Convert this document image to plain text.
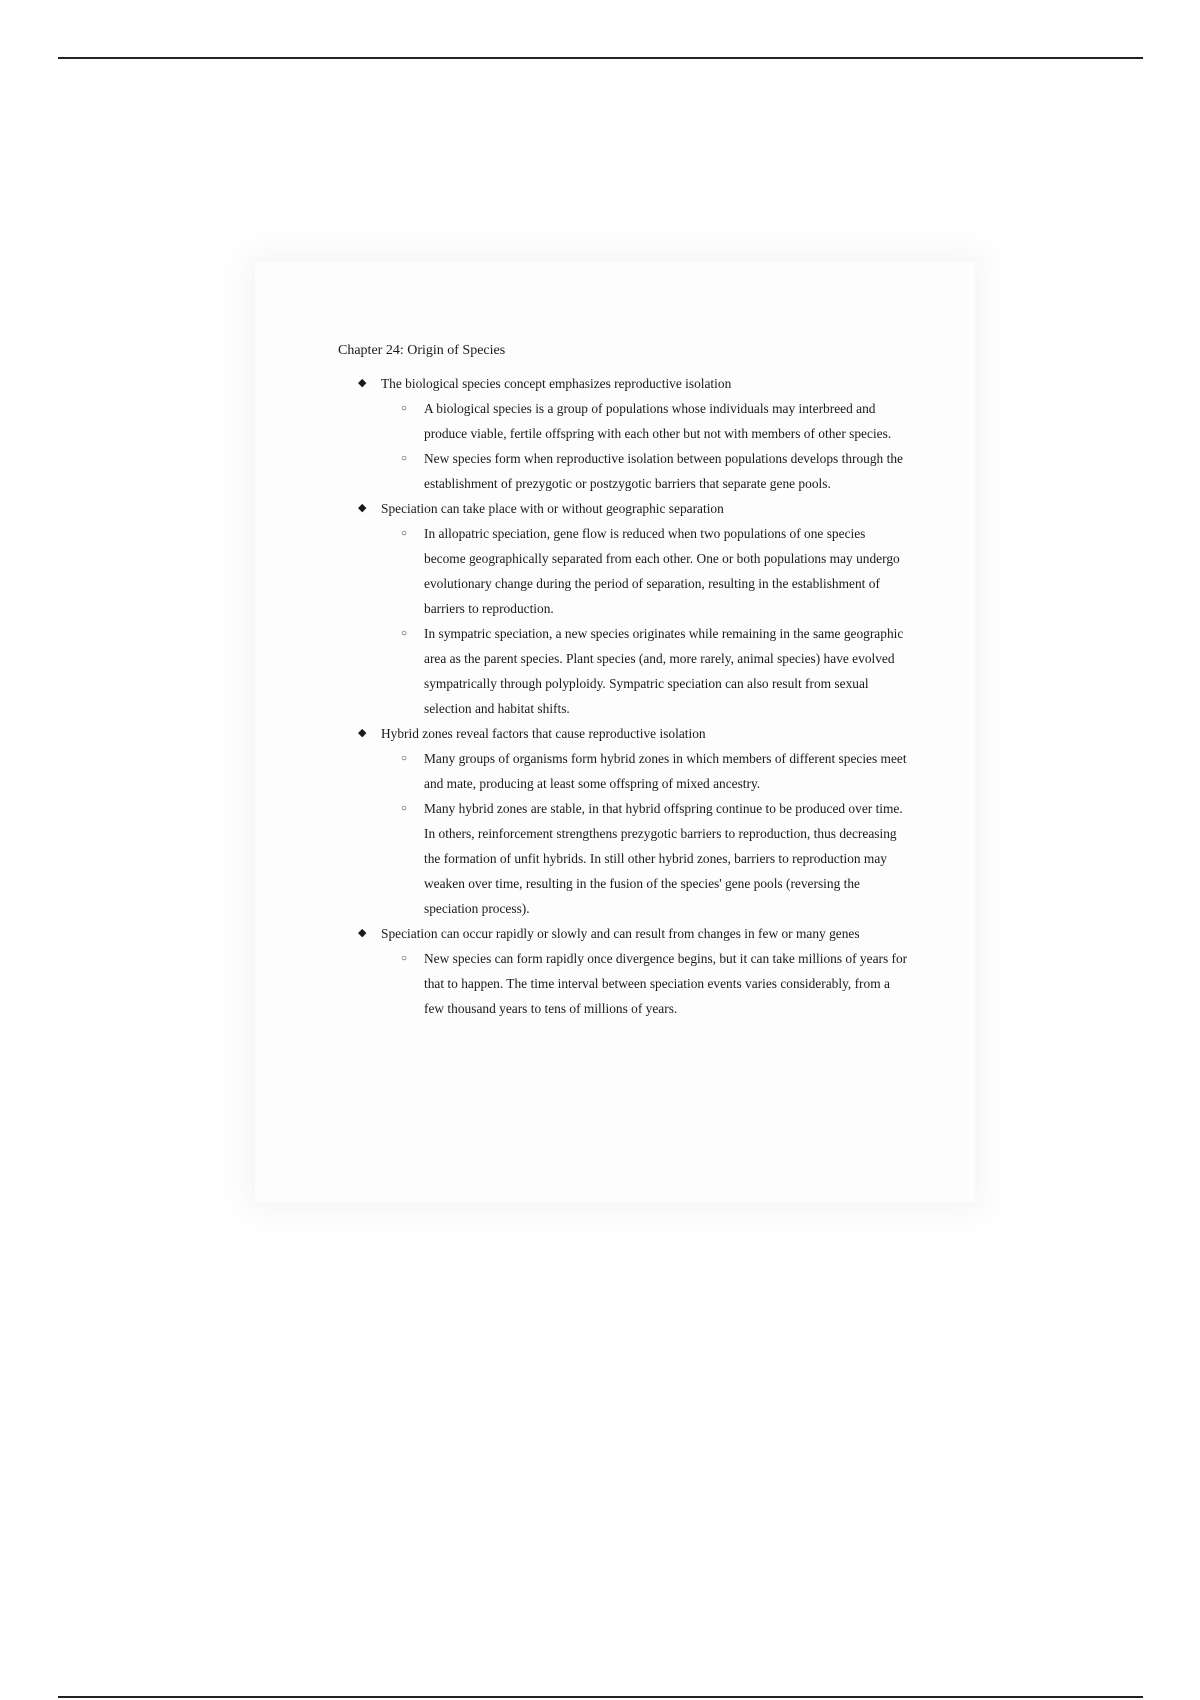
Chapter 24: Origin of Species
◆ The biological species concept emphasizes reproductive isolation
○ A biological species is a group of populations whose individuals may interbreed and produce viable, fertile offspring with each other but not with members of other species.
○ New species form when reproductive isolation between populations develops through the establishment of prezygotic or postzygotic barriers that separate gene pools.
◆ Speciation can take place with or without geographic separation
○ In allopatric speciation, gene flow is reduced when two populations of one species become geographically separated from each other. One or both populations may undergo evolutionary change during the period of separation, resulting in the establishment of barriers to reproduction.
○ In sympatric speciation, a new species originates while remaining in the same geographic area as the parent species. Plant species (and, more rarely, animal species) have evolved sympatrically through polyploidy. Sympatric speciation can also result from sexual selection and habitat shifts.
◆ Hybrid zones reveal factors that cause reproductive isolation
○ Many groups of organisms form hybrid zones in which members of different species meet and mate, producing at least some offspring of mixed ancestry.
○ Many hybrid zones are stable, in that hybrid offspring continue to be produced over time. In others, reinforcement strengthens prezygotic barriers to reproduction, thus decreasing the formation of unfit hybrids. In still other hybrid zones, barriers to reproduction may weaken over time, resulting in the fusion of the species' gene pools (reversing the speciation process).
◆ Speciation can occur rapidly or slowly and can result from changes in few or many genes
○ New species can form rapidly once divergence begins, but it can take millions of years for that to happen. The time interval between speciation events varies considerably, from a few thousand years to tens of millions of years.
